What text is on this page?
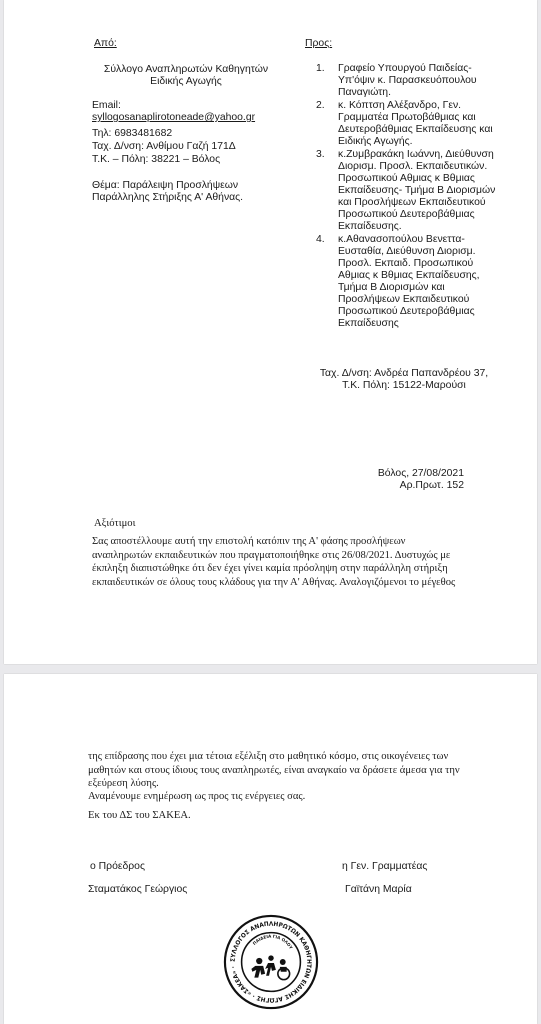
Από:
Σύλλογο Αναπληρωτών Καθηγητών
Ειδικής Αγωγής
Email:
syllogosanaplirotoneade@yahoo.gr
Τηλ: 6983481682
Ταχ. Δ/νση: Ανθίμου Γαζή 171Δ
Τ.Κ. – Πόλη: 38221 – Βόλος
Θέμα: Παράλειψη Προσλήψεων
Παράλληλης Στήριξης Α' Αθήνας.
Προς:
1. Γραφείο Υπουργού Παιδείας-
Υπ'όψιν κ. Παρασκευόπουλου
Παναγιώτη.
2. κ. Κόπτση Αλέξανδρο, Γεν.
Γραμματέα Πρωτοβάθμιας και
Δευτεροβάθμιας Εκπαίδευσης και
Ειδικής Αγωγής.
3. κ.Ζυμβρακάκη Ιωάννη, Διεύθυνση
Διορισμ. Προσλ. Εκπαιδευτικών.
Προσωπικού Αθμιας κ Βθμιας
Εκπαίδευσης- Τμήμα Β Διορισμών
και Προσλήψεων Εκπαιδευτικού
Προσωπικού Δευτεροβάθμιας
Εκπαίδευσης.
4. κ.Αθανασοπούλου Βενεττα-
Ευσταθία, Διεύθυνση Διορισμ.
Προσλ. Εκπαιδ. Προσωπικού
Αθμιας κ Βθμιας Εκπαίδευσης,
Τμήμα Β Διορισμών και
Προσλήψεων Εκπαιδευτικού
Προσωπικού Δευτεροβάθμιας
Εκπαίδευσης
Ταχ. Δ/νση: Ανδρέα Παπανδρέου 37,
Τ.Κ. Πόλη: 15122-Μαρούσι
Βόλος, 27/08/2021
Αρ.Πρωτ. 152
Αξιότιμοι
Σας αποστέλλουμε αυτή την επιστολή κατόπιν της Α' φάσης προσλήψεων
αναπληρωτών εκπαιδευτικών που πραγματοποιήθηκε στις 26/08/2021. Δυστυχώς με
έκπληξη διαπιστώθηκε ότι δεν έχει γίνει καμία πρόσληψη στην παράλληλη στήριξη
εκπαιδευτικών σε όλους τους κλάδους για την Α' Αθήνας. Αναλογιζόμενοι το μέγεθος
της επίδρασης που έχει μια τέτοια εξέλιξη στο μαθητικό κόσμο, στις οικογένειες των
μαθητών και στους ίδιους τους αναπληρωτές, είναι αναγκαίο να δράσετε άμεσα για την
εξεύρεση λύσης.
Αναμένουμε ενημέρωση ως προς τις ενέργειες σας.
Εκ του ΔΣ του ΣΑΚΕΑ.
ο Πρόεδρος
Σταματάκος Γεώργιος
η Γεν. Γραμματέας
Γαϊτάνη Μαρία
ΣΥΛΛΟΓΟΣ ΑΝΑΠΛΗΡΩΤΩΝ ΚΑΘΗΓΗΤΩΝ ΕΙΔΙΚΗΣ ΑΓΩΓΗΣ · «ΣΑΚΕΑ» ·
ΠΑΙΔΕΙΑ ΓΙΑ ΟΛΟΥ
